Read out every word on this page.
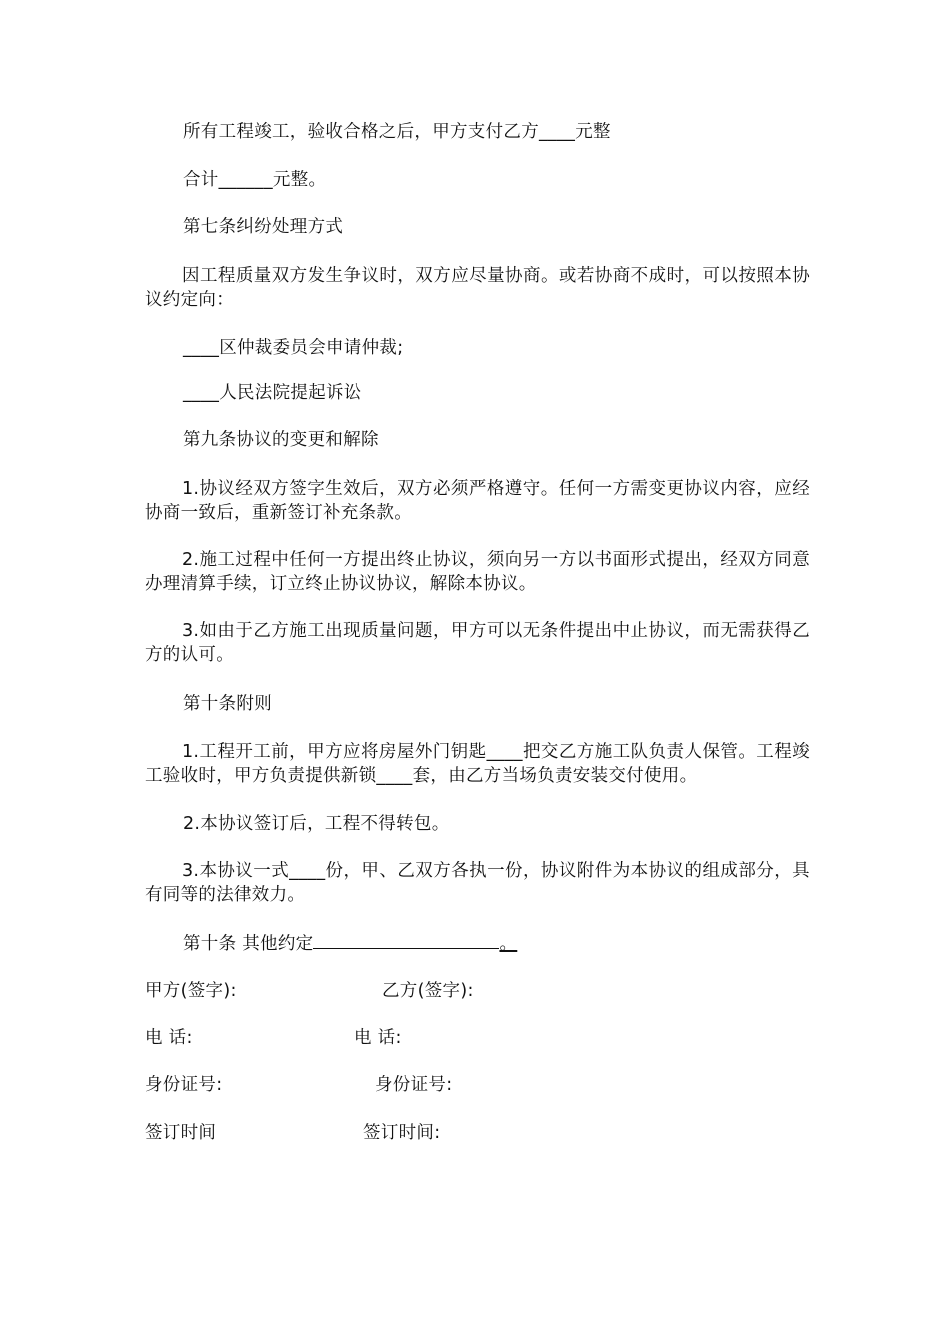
所有工程竣工，验收合格之后，甲方支付乙方____元整
合计______元整。
第七条纠纷处理方式
因工程质量双方发生争议时，双方应尽量协商。或若协商不成时，可以按照本协议约定向：
____区仲裁委员会申请仲裁;
____人民法院提起诉讼
第九条协议的变更和解除
1.协议经双方签字生效后，双方必须严格遵守。任何一方需变更协议内容，应经协商一致后，重新签订补充条款。
2.施工过程中任何一方提出终止协议，须向另一方以书面形式提出，经双方同意办理清算手续，订立终止协议协议，解除本协议。
3.如由于乙方施工出现质量问题，甲方可以无条件提出中止协议，而无需获得乙方的认可。
第十条附则
1.工程开工前，甲方应将房屋外门钥匙____把交乙方施工队负责人保管。工程竣工验收时，甲方负责提供新锁____套，由乙方当场负责安装交付使用。
2.本协议签订后，工程不得转包。
3.本协议一式____份，甲、乙双方各执一份，协议附件为本协议的组成部分，具有同等的法律效力。
第十条 其他约定	。
甲方(签字):	乙方(签字):
电 话:	电 话:
身份证号:	身份证号:
签订时间	签订时间:
